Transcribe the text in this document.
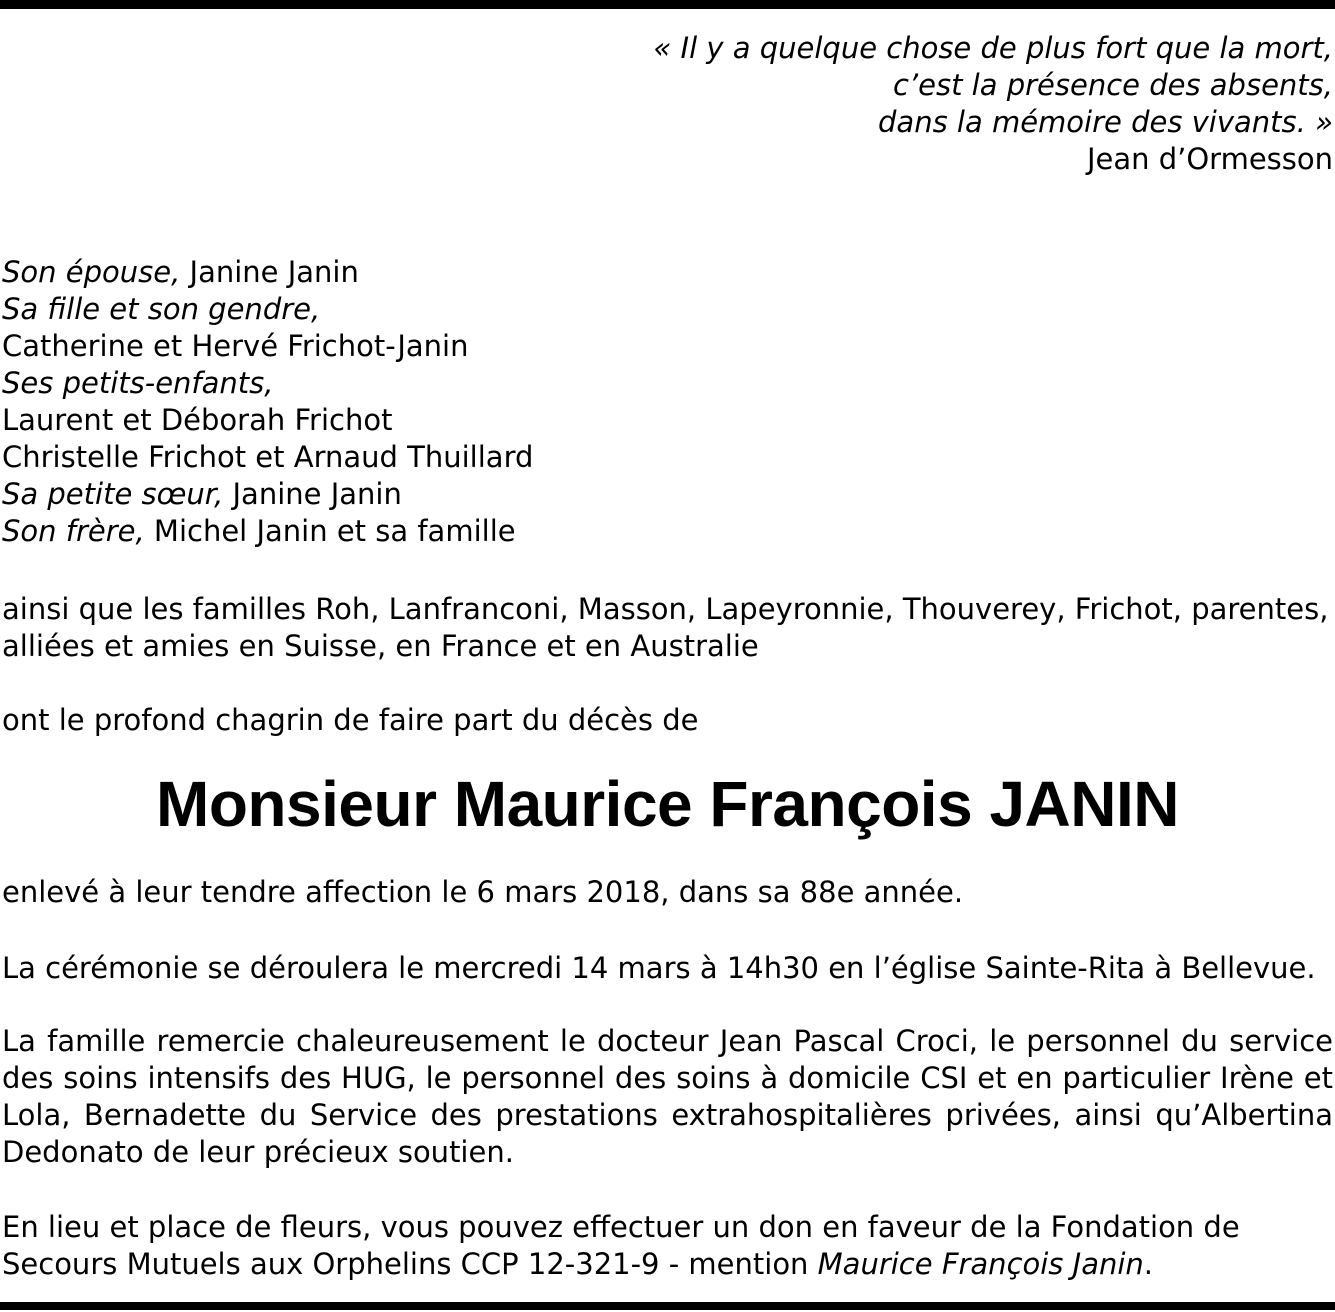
« Il y a quelque chose de plus fort que la mort,
c’est la présence des absents,
dans la mémoire des vivants. »
Jean d’Ormesson
Son épouse, Janine Janin
Sa fille et son gendre,
Catherine et Hervé Frichot-Janin
Ses petits-enfants,
Laurent et Déborah Frichot
Christelle Frichot et Arnaud Thuillard
Sa petite sœur, Janine Janin
Son frère, Michel Janin et sa famille
ainsi que les familles Roh, Lanfranconi, Masson, Lapeyronnie, Thouverey, Frichot, parentes,
alliées et amies en Suisse, en France et en Australie
ont le profond chagrin de faire part du décès de
Monsieur Maurice François JANIN
enlevé à leur tendre affection le 6 mars 2018, dans sa 88e année.
La cérémonie se déroulera le mercredi 14 mars à 14h30 en l’église Sainte-Rita à Bellevue.
La famille remercie chaleureusement le docteur Jean Pascal Croci, le personnel du service des soins intensifs des HUG, le personnel des soins à domicile CSI et en particulier Irène et Lola, Bernadette du Service des prestations extrahospitalières privées, ainsi qu’Albertina Dedonato de leur précieux soutien.
En lieu et place de fleurs, vous pouvez effectuer un don en faveur de la Fondation de
Secours Mutuels aux Orphelins CCP 12-321-9 - mention Maurice François Janin.
